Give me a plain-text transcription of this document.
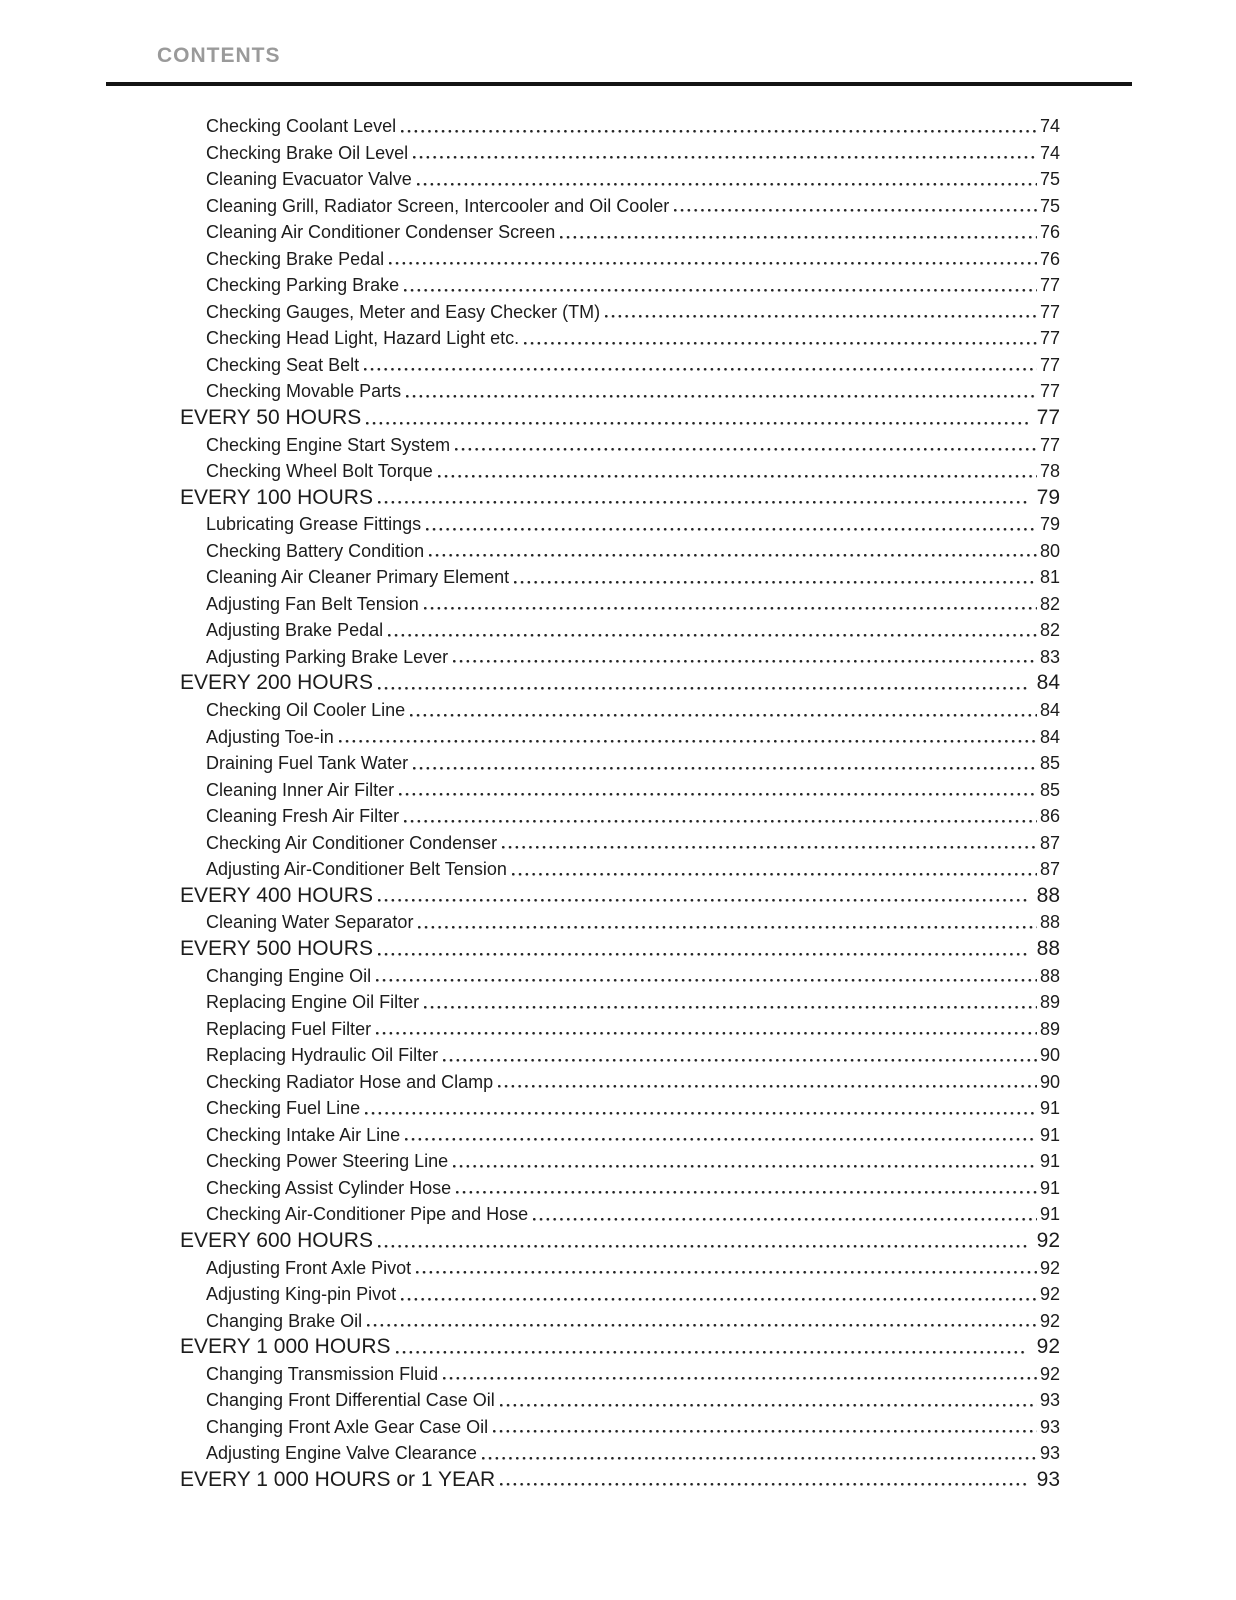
CONTENTS
Checking Coolant Level	74
Checking Brake Oil Level	74
Cleaning Evacuator Valve	75
Cleaning Grill, Radiator Screen, Intercooler and Oil Cooler	75
Cleaning Air Conditioner Condenser Screen	76
Checking Brake Pedal	76
Checking Parking Brake	77
Checking Gauges, Meter and Easy Checker (TM)	77
Checking Head Light, Hazard Light etc.	77
Checking Seat Belt	77
Checking Movable Parts	77
EVERY 50 HOURS	77
Checking Engine Start System	77
Checking Wheel Bolt Torque	78
EVERY 100 HOURS	79
Lubricating Grease Fittings	79
Checking Battery Condition	80
Cleaning Air Cleaner Primary Element	81
Adjusting Fan Belt Tension	82
Adjusting Brake Pedal	82
Adjusting Parking Brake Lever	83
EVERY 200 HOURS	84
Checking Oil Cooler Line	84
Adjusting Toe-in	84
Draining Fuel Tank Water	85
Cleaning Inner Air Filter	85
Cleaning Fresh Air Filter	86
Checking Air Conditioner Condenser	87
Adjusting Air-Conditioner Belt Tension	87
EVERY 400 HOURS	88
Cleaning Water Separator	88
EVERY 500 HOURS	88
Changing Engine Oil	88
Replacing Engine Oil Filter	89
Replacing Fuel Filter	89
Replacing Hydraulic Oil Filter	90
Checking Radiator Hose and Clamp	90
Checking Fuel Line	91
Checking Intake Air Line	91
Checking Power Steering Line	91
Checking Assist Cylinder Hose	91
Checking Air-Conditioner Pipe and Hose	91
EVERY 600 HOURS	92
Adjusting Front Axle Pivot	92
Adjusting King-pin Pivot	92
Changing Brake Oil	92
EVERY 1 000 HOURS	92
Changing Transmission Fluid	92
Changing Front Differential Case Oil	93
Changing Front Axle Gear Case Oil	93
Adjusting Engine Valve Clearance	93
EVERY 1 000 HOURS or 1 YEAR	93
